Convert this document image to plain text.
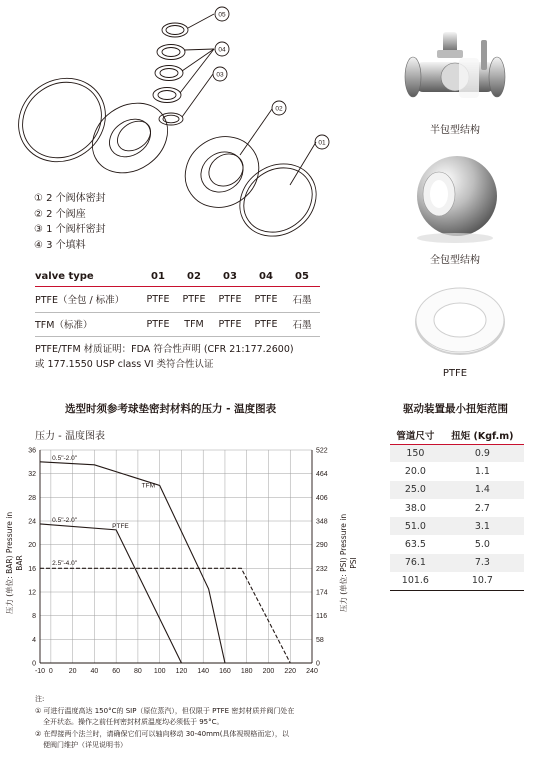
05
04
03
02
01
① 2 个阀体密封
② 2 个阀座
③ 1 个阀杆密封
④ 3 个填料
半包型结构
全包型结构
PTFE
valve type	01	02	03	04	05
PTFE（全包 / 标准）	PTFE	PTFE	PTFE	PTFE	石墨
TFM（标准）	PTFE	TFM	PTFE	PTFE	石墨
PTFE/TFM 材质证明：FDA 符合性声明 (CFR 21:177.2600)
或 177.1550 USP class VI 类符合性认证
选型时须参考球垫密封材料的压力 - 温度图表	驱动装置最小扭矩范围
压力 - 温度图表
-10 0 20 40 60 80 100 120 140 160 180 200 220 240
0	0
4	58
8	116
12	174
16	232
20	290
24	348
28	406
32	464
36	522
TFM
PTFE
0.5"-2.0"
0.5"-2.0"
2.5"-4.0"
压力 (单位: BAR) Pressure in BAR	压力 (单位: PSI) Pressure in PSI
管道尺寸	扭矩 (Kgf.m)
150	0.9
20.0	1.1
25.0	1.4
38.0	2.7
51.0	3.1
63.5	5.0
76.1	7.3
101.6	10.7
注:
① 可进行温度高达 150°C的 SIP（原位蒸汽），但仅限于 PTFE 密封材质并阀门处在
全开状态。操作之前任何密封材质温度均必须低于 95°C。
② 在焊接两个法兰时，请确保它们可以轴向移动 30-40mm(具体视规格而定），以
便阀门维护（详见说明书）
